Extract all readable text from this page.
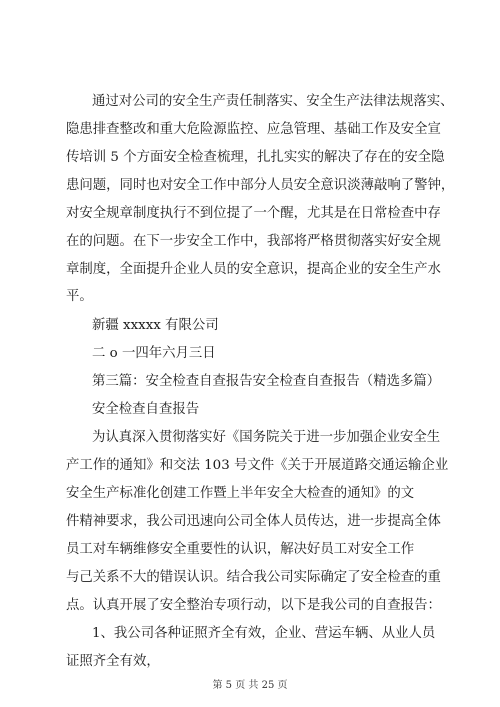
通过对公司的安全生产责任制落实、安全生产法律法规落实、
隐患排查整改和重大危险源监控、应急管理、基础工作及安全宣
传培训 5 个方面安全检查梳理，扎扎实实的解决了存在的安全隐
患问题，同时也对安全工作中部分人员安全意识淡薄敲响了警钟，
对安全规章制度执行不到位提了一个醒，尤其是在日常检查中存
在的问题。在下一步安全工作中，我部将严格贯彻落实好安全规
章制度，全面提升企业人员的安全意识，提高企业的安全生产水
平。
新疆 xxxxx 有限公司
二 o 一四年六月三日
第三篇：安全检查自查报告安全检查自查报告（精选多篇）
安全检查自查报告
为认真深入贯彻落实好《国务院关于进一步加强企业安全生
产工作的通知》和交法 103 号文件《关于开展道路交通运输企业
安全生产标准化创建工作暨上半年安全大检查的通知》的文
件精神要求，我公司迅速向公司全体人员传达，进一步提高全体
员工对车辆维修安全重要性的认识，解决好员工对安全工作
与己关系不大的错误认识。结合我公司实际确定了安全检查的重
点。认真开展了安全整治专项行动，以下是我公司的自查报告：
1、我公司各种证照齐全有效，企业、营运车辆、从业人员
证照齐全有效，
第 5 页 共 25 页
